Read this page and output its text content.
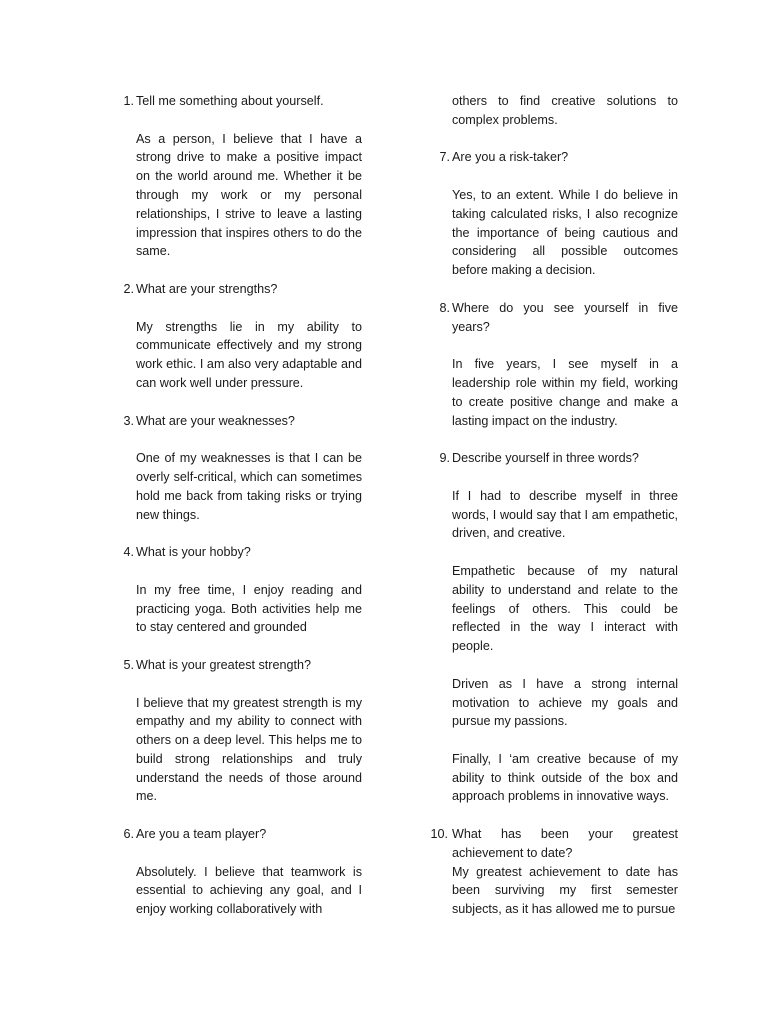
1. Tell me something about yourself.

As a person, I believe that I have a strong drive to make a positive impact on the world around me. Whether it be through my work or my personal relationships, I strive to leave a lasting impression that inspires others to do the same.

2. What are your strengths?

My strengths lie in my ability to communicate effectively and my strong work ethic. I am also very adaptable and can work well under pressure.

3. What are your weaknesses?

One of my weaknesses is that I can be overly self-critical, which can sometimes hold me back from taking risks or trying new things.

4. What is your hobby?

In my free time, I enjoy reading and practicing yoga. Both activities help me to stay centered and grounded

5. What is your greatest strength?

I believe that my greatest strength is my empathy and my ability to connect with others on a deep level. This helps me to build strong relationships and truly understand the needs of those around me.

6. Are you a team player?

Absolutely. I believe that teamwork is essential to achieving any goal, and I enjoy working collaboratively with

others to find creative solutions to complex problems.

7. Are you a risk-taker?

Yes, to an extent. While I do believe in taking calculated risks, I also recognize the importance of being cautious and considering all possible outcomes before making a decision.

8. Where do you see yourself in five years?

In five years, I see myself in a leadership role within my field, working to create positive change and make a lasting impact on the industry.

9. Describe yourself in three words?

If I had to describe myself in three words, I would say that I am empathetic, driven, and creative.

Empathetic because of my natural ability to understand and relate to the feelings of others. This could be reflected in the way I interact with people.

Driven as I have a strong internal motivation to achieve my goals and pursue my passions.

Finally, I ‘am creative because of my ability to think outside of the box and approach problems in innovative ways.

10. What has been your greatest achievement to date?

My greatest achievement to date has been surviving my first semester subjects, as it has allowed me to pursue
